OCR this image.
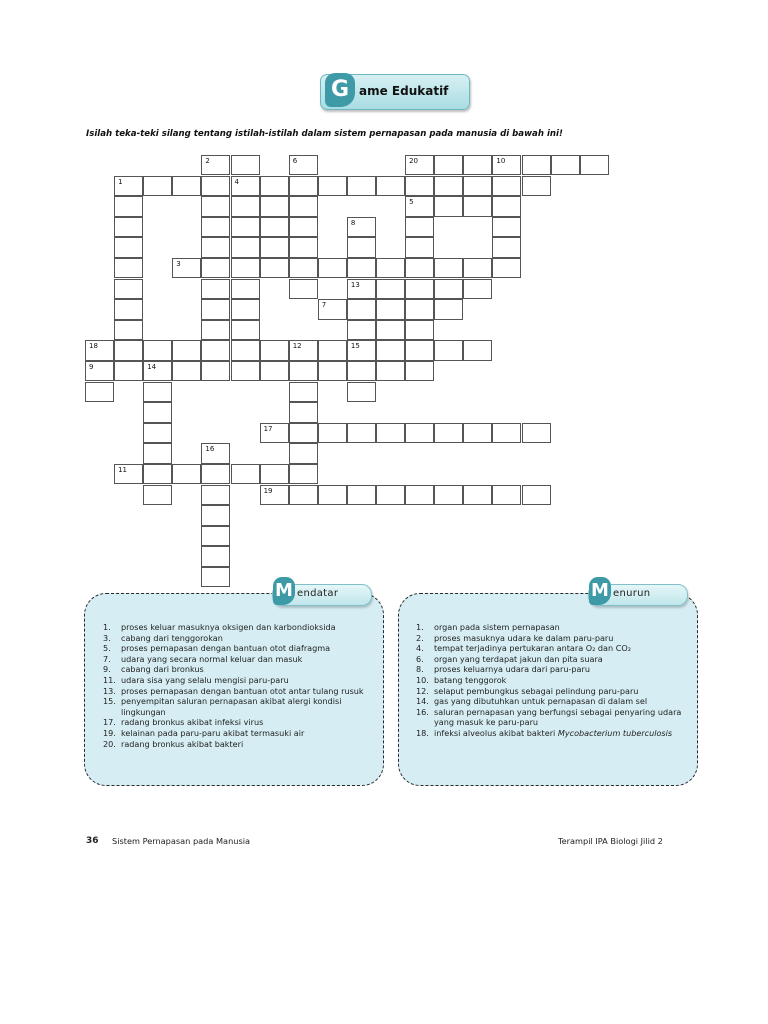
G ame Edukatif
Isilah teka-teki silang tentang istilah-istilah dalam sistem pernapasan pada manusia di bawah ini!
2	6	20	10
1	4
5
8
3
13
7
18	12	15
9	14
17
16
11
19
M endatar
1.	proses keluar masuknya oksigen dan karbondioksida
3.	cabang dari tenggorokan
5.	proses pernapasan dengan bantuan otot diafragma
7.	udara yang secara normal keluar dan masuk
9.	cabang dari bronkus
11. udara sisa yang selalu mengisi paru-paru
13. proses pernapasan dengan bantuan otot antar tulang rusuk
15. penyempitan saluran pernapasan akibat alergi kondisi lingkungan
17. radang bronkus akibat infeksi virus
19. kelainan pada paru-paru akibat termasuki air
20. radang bronkus akibat bakteri
M enurun
1.	organ pada sistem pernapasan
2.	proses masuknya udara ke dalam paru-paru
4.	tempat terjadinya pertukaran antara O₂ dan CO₂
6.	organ yang terdapat jakun dan pita suara
8.	proses keluarnya udara dari paru-paru
10. batang tenggorok
12. selaput pembungkus sebagai pelindung paru-paru
14. gas yang dibutuhkan untuk pernapasan di dalam sel
16. saluran pernapasan yang berfungsi sebagai penyaring udara yang masuk ke paru-paru
18. infeksi alveolus akibat bakteri Mycobacterium tuberculosis
36 Sistem Pernapasan pada Manusia	Terampil IPA Biologi Jilid 2
